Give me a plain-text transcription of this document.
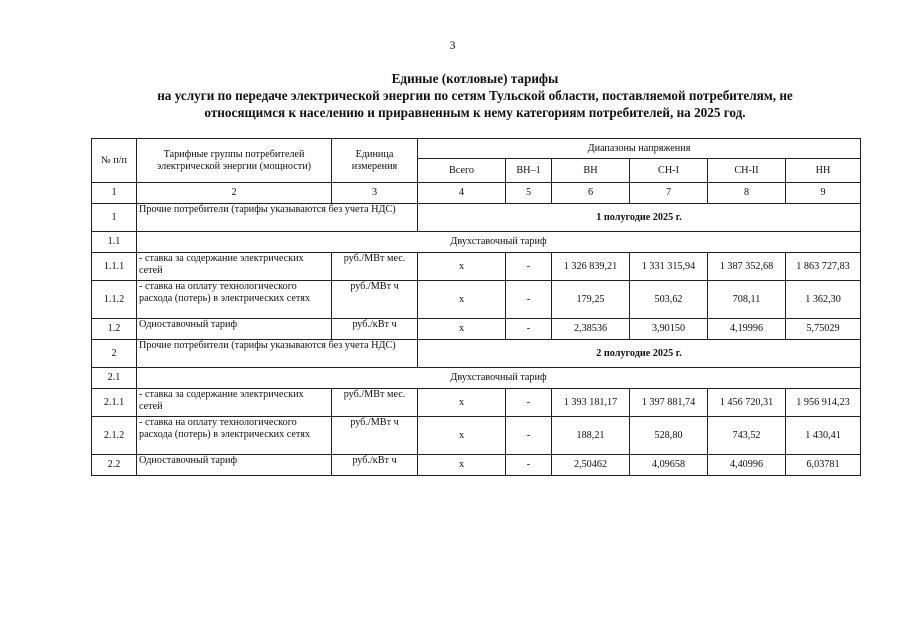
3
Единые (котловые) тарифы
на услуги по передаче электрической энергии по сетям Тульской области, поставляемой потребителям, не
относящимся к населению и приравненным к нему категориям потребителей, на 2025 год.
№ п/п	Тарифные группы потребителей электрической энергии (мощности)	Единица измерения	Диапазоны напряжения					
			Всего	ВН–1	ВН	СН-I	СН-II	НН
1	2	3	4	5	6	7	8	9
1	Прочие потребители (тарифы указываются без учета НДС)		1 полугодие 2025 г.					
1.1	Двухставочный тариф							
1.1.1	- ставка за содержание электрических сетей	руб./МВт мес.	х	-	1 326 839,21	1 331 315,94	1 387 352,68	1 863 727,83
1.1.2	- ставка на оплату технологического расхода (потерь) в электрических сетях	руб./МВт ч	х	-	179,25	503,62	708,11	1 362,30
1.2	Одноставочный тариф	руб./кВт ч	х	-	2,38536	3,90150	4,19996	5,75029
2	Прочие потребители (тарифы указываются без учета НДС)		2 полугодие 2025 г.					
2.1	Двухставочный тариф							
2.1.1	- ставка за содержание электрических сетей	руб./МВт мес.	х	-	1 393 181,17	1 397 881,74	1 456 720,31	1 956 914,23
2.1.2	- ставка на оплату технологического расхода (потерь) в электрических сетях	руб./МВт ч	х	-	188,21	528,80	743,52	1 430,41
2.2	Одноставочный тариф	руб./кВт ч	х	-	2,50462	4,09658	4,40996	6,03781
